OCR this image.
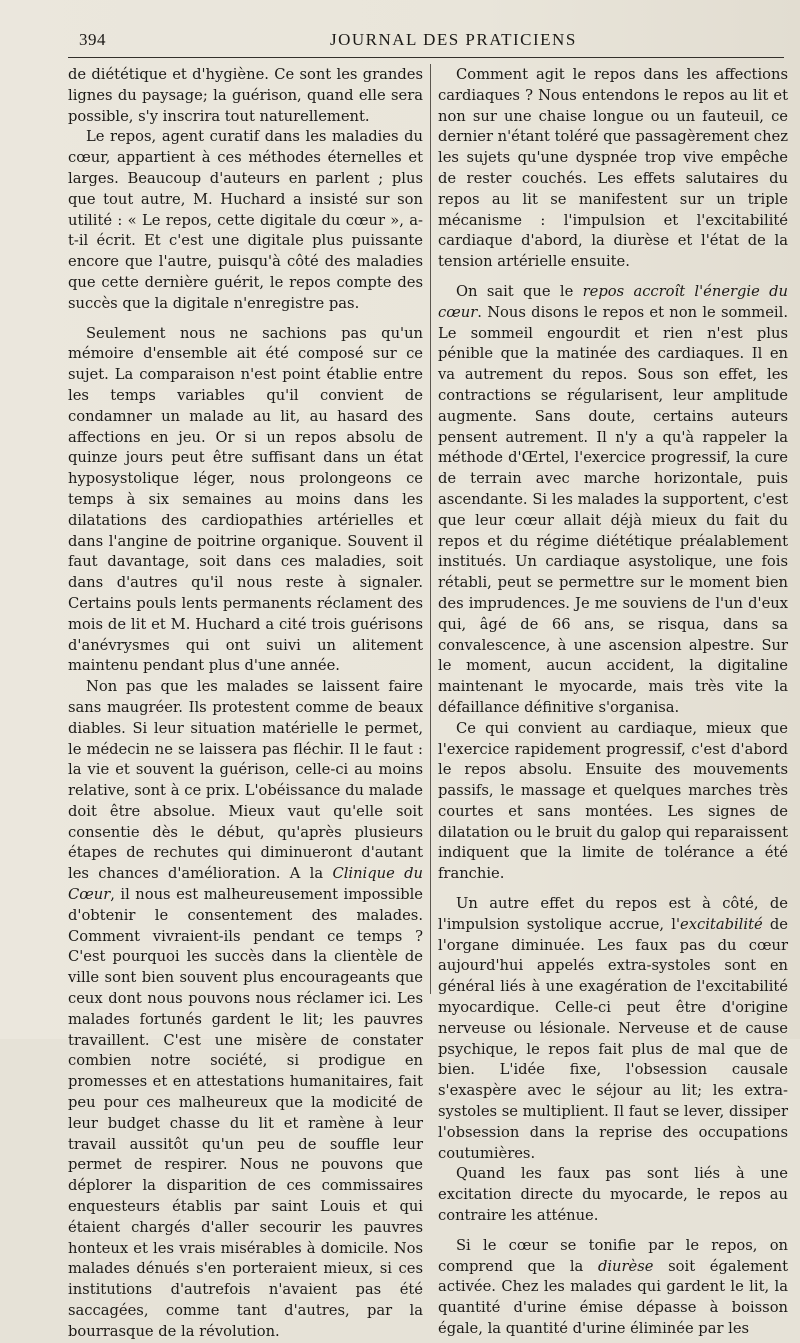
394	JOURNAL DES PRATICIENS

de diététique et d'hygiène. Ce sont les grandes lignes du paysage; la guérison, quand elle sera possible, s'y inscrira tout naturellement.

Le repos, agent curatif dans les maladies du cœur, appartient à ces méthodes éternelles et larges. Beaucoup d'auteurs en parlent ; plus que tout autre, M. Huchard a insisté sur son utilité : « Le repos, cette digitale du cœur », a-t-il écrit. Et c'est une digitale plus puissante encore que l'autre, puisqu'à côté des maladies que cette dernière guérit, le repos compte des succès que la digitale n'enregistre pas.

Seulement nous ne sachions pas qu'un mémoire d'ensemble ait été composé sur ce sujet. La comparaison n'est point établie entre les temps variables qu'il convient de condamner un malade au lit, au hasard des affections en jeu. Or si un repos absolu de quinze jours peut être suffisant dans un état hyposystolique léger, nous prolongeons ce temps à six semaines au moins dans les dilatations des cardiopathies artérielles et dans l'angine de poitrine organique. Souvent il faut davantage, soit dans ces maladies, soit dans d'autres qu'il nous reste à signaler. Certains pouls lents permanents réclament des mois de lit et M. Huchard a cité trois guérisons d'anévrysmes qui ont suivi un alitement maintenu pendant plus d'une année.

Non pas que les malades se laissent faire sans maugréer. Ils protestent comme de beaux diables. Si leur situation matérielle le permet, le médecin ne se laissera pas fléchir. Il le faut : la vie et souvent la guérison, celle-ci au moins relative, sont à ce prix. L'obéissance du malade doit être absolue. Mieux vaut qu'elle soit consentie dès le début, qu'après plusieurs étapes de rechutes qui diminueront d'autant les chances d'amélioration. A la Clinique du Cœur, il nous est malheureusement impossible d'obtenir le consentement des malades. Comment vivraient-ils pendant ce temps ? C'est pourquoi les succès dans la clientèle de ville sont bien souvent plus encourageants que ceux dont nous pouvons nous réclamer ici. Les malades fortunés gardent le lit; les pauvres travaillent. C'est une misère de constater combien notre société, si prodigue en promesses et en attestations humanitaires, fait peu pour ces malheureux que la modicité de leur budget chasse du lit et ramène à leur travail aussitôt qu'un peu de souffle leur permet de respirer. Nous ne pouvons que déplorer la disparition de ces commissaires enquesteurs établis par saint Louis et qui étaient chargés d'aller secourir les pauvres honteux et les vrais misérables à domicile. Nos malades dénués s'en porteraient mieux, si ces institutions d'autrefois n'avaient pas été saccagées, comme tant d'autres, par la bourrasque de la révolution.

Comment agit le repos dans les affections cardiaques ? Nous entendons le repos au lit et non sur une chaise longue ou un fauteuil, ce dernier n'étant toléré que passagèrement chez les sujets qu'une dyspnée trop vive empêche de rester couchés. Les effets salutaires du repos au lit se manifestent sur un triple mécanisme : l'impulsion et l'excitabilité cardiaque d'abord, la diurèse et l'état de la tension artérielle ensuite.

On sait que le repos accroît l'énergie du cœur. Nous disons le repos et non le sommeil. Le sommeil engourdit et rien n'est plus pénible que la matinée des cardiaques. Il en va autrement du repos. Sous son effet, les contractions se régularisent, leur amplitude augmente. Sans doute, certains auteurs pensent autrement. Il n'y a qu'à rappeler la méthode d'Œrtel, l'exercice progressif, la cure de terrain avec marche horizontale, puis ascendante. Si les malades la supportent, c'est que leur cœur allait déjà mieux du fait du repos et du régime diététique préalablement institués. Un cardiaque asystolique, une fois rétabli, peut se permettre sur le moment bien des imprudences. Je me souviens de l'un d'eux qui, âgé de 66 ans, se risqua, dans sa convalescence, à une ascension alpestre. Sur le moment, aucun accident, la digitaline maintenant le myocarde, mais très vite la défaillance définitive s'organisa.

Ce qui convient au cardiaque, mieux que l'exercice rapidement progressif, c'est d'abord le repos absolu. Ensuite des mouvements passifs, le massage et quelques marches très courtes et sans montées. Les signes de dilatation ou le bruit du galop qui reparaissent indiquent que la limite de tolérance a été franchie.

Un autre effet du repos est à côté, de l'impulsion systolique accrue, l'excitabilité de l'organe diminuée. Les faux pas du cœur aujourd'hui appelés extra-systoles sont en général liés à une exagération de l'excitabilité myocardique. Celle-ci peut être d'origine nerveuse ou lésionale. Nerveuse et de cause psychique, le repos fait plus de mal que de bien. L'idée fixe, l'obsession causale s'exaspère avec le séjour au lit; les extra-systoles se multiplient. Il faut se lever, dissiper l'obsession dans la reprise des occupations coutumières.

Quand les faux pas sont liés à une excitation directe du myocarde, le repos au contraire les atténue.

Si le cœur se tonifie par le repos, on comprend que la diurèse soit également activée. Chez les malades qui gardent le lit, la quantité d'urine émise dépasse à boisson égale, la quantité d'urine éliminée par les
